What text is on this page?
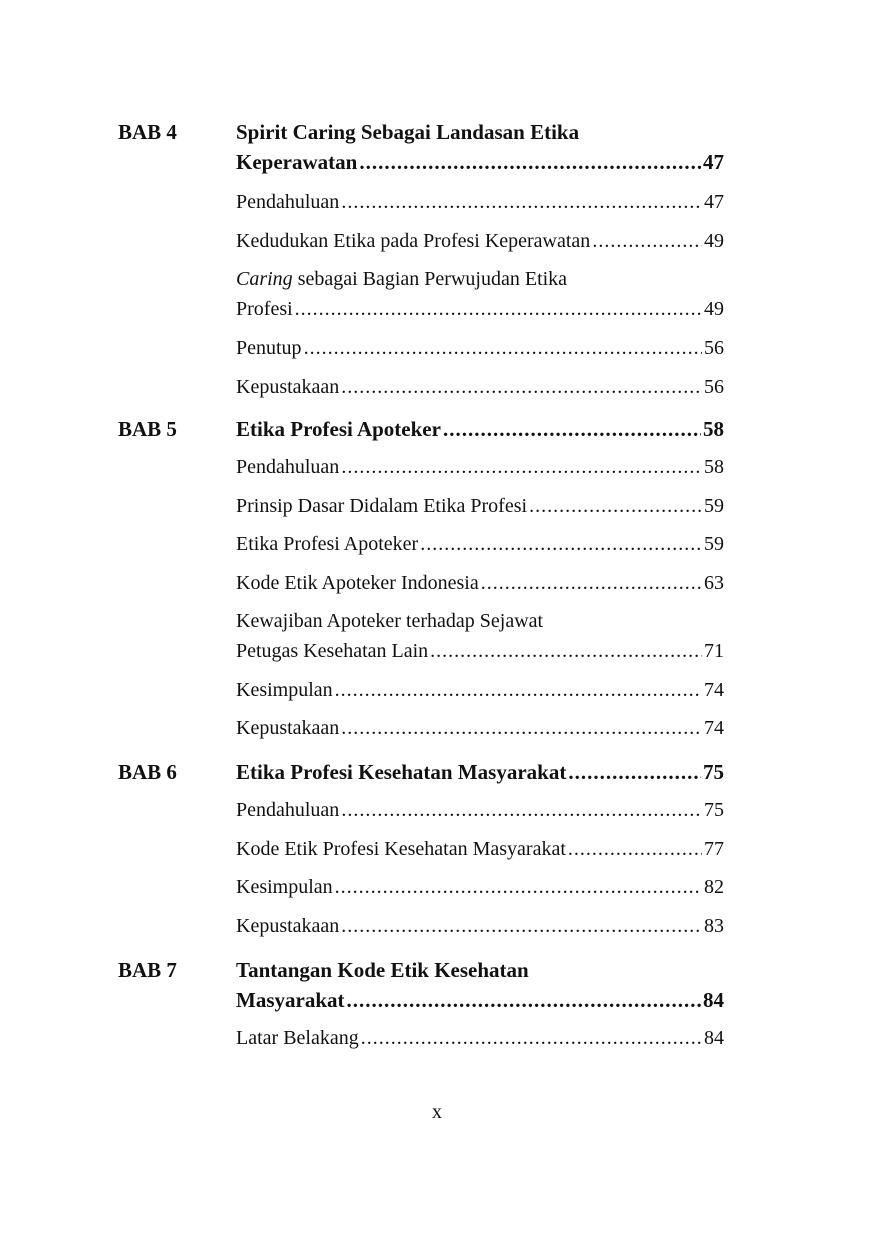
BAB 4	Spirit Caring Sebagai Landasan Etika
Keperawatan .....	47
Pendahuluan .....	47
Kedudukan Etika pada Profesi Keperawatan .....	49
Caring sebagai Bagian Perwujudan Etika
Profesi .....	49
Penutup .....	56
Kepustakaan .....	56
BAB 5	Etika Profesi Apoteker .....	58
Pendahuluan .....	58
Prinsip Dasar Didalam Etika Profesi .....	59
Etika Profesi Apoteker .....	59
Kode Etik Apoteker Indonesia .....	63
Kewajiban Apoteker terhadap Sejawat
Petugas Kesehatan Lain .....	71
Kesimpulan .....	74
Kepustakaan .....	74
BAB 6	Etika Profesi Kesehatan Masyarakat .....	75
Pendahuluan .....	75
Kode Etik Profesi Kesehatan Masyarakat .....	77
Kesimpulan .....	82
Kepustakaan .....	83
BAB 7	Tantangan Kode Etik Kesehatan
Masyarakat .....	84
Latar Belakang .....	84
x
